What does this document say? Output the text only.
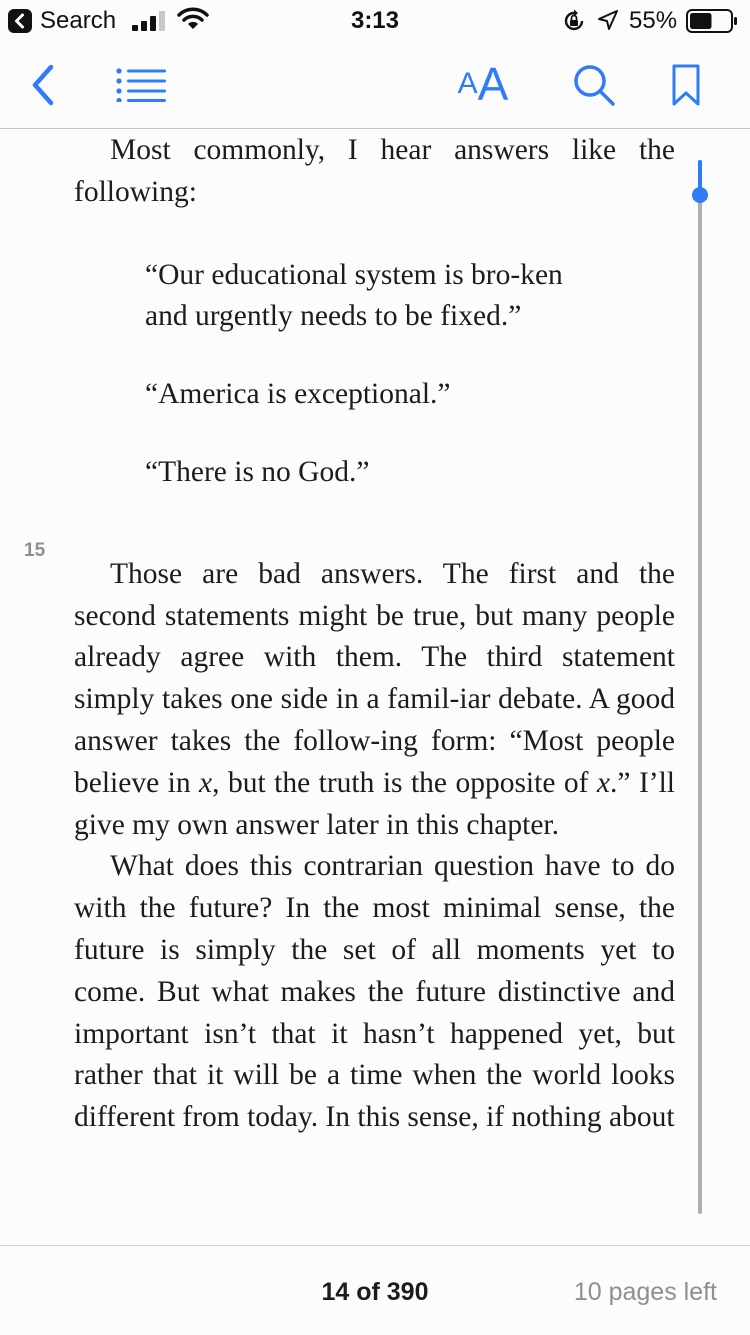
Search	3:13	55%
A A
15

Most commonly, I hear answers like the following:

“Our educational system is bro-ken and urgently needs to be fixed.”

“America is exceptional.”

“There is no God.”

Those are bad answers. The first and the second statements might be true, but many people already agree with them. The third statement simply takes one side in a famil-iar debate. A good answer takes the follow-ing form: “Most people believe in x, but the truth is the opposite of x.” I’ll give my own answer later in this chapter.

What does this contrarian question have to do with the future? In the most minimal sense, the future is simply the set of all moments yet to come. But what makes the future distinctive and important isn’t that it hasn’t happened yet, but rather that it will be a time when the world looks different from today. In this sense, if nothing about

14 of 390	10 pages left
